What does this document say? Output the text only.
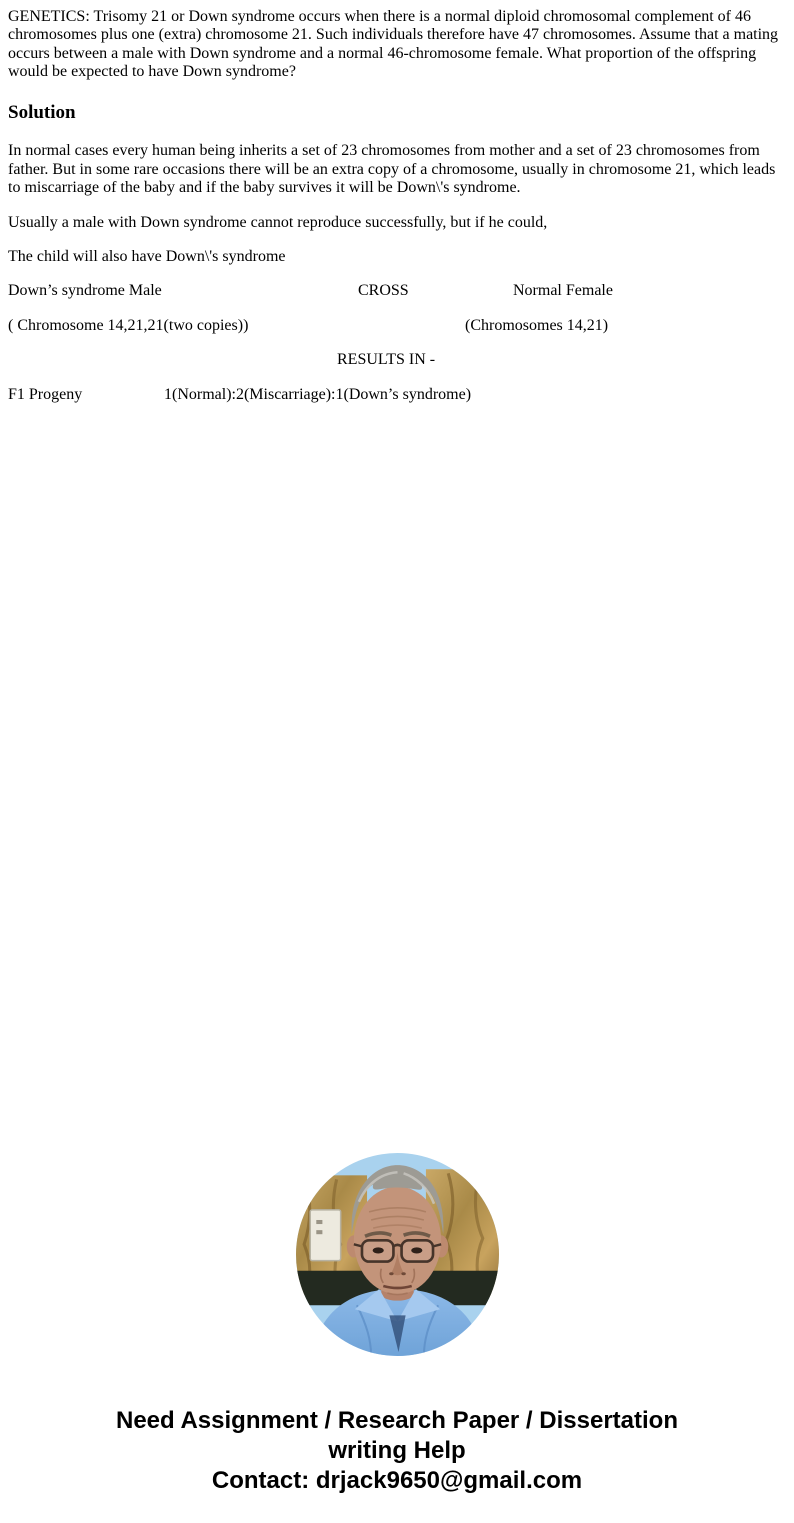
GENETICS: Trisomy 21 or Down syndrome occurs when there is a normal diploid chromosomal complement of 46 chromosomes plus one (extra) chromosome 21. Such individuals therefore have 47 chromosomes. Assume that a mating occurs between a male with Down syndrome and a normal 46-chromosome female. What proportion of the offspring would be expected to have Down syndrome?

Solution

In normal cases every human being inherits a set of 23 chromosomes from mother and a set of 23 chromosomes from father. But in some rare occasions there will be an extra copy of a chromosome, usually in chromosome 21, which leads to miscarriage of the baby and if the baby survives it will be Down\'s syndrome.

Usually a male with Down syndrome cannot reproduce successfully, but if he could,

The child will also have Down\'s syndrome

Down’s syndrome Male	CROSS	Normal Female

( Chromosome 14,21,21(two copies))	(Chromosomes 14,21)

RESULTS IN -

F1 Progeny	1(Normal):2(Miscarriage):1(Down’s syndrome)

Need Assignment / Research Paper / Dissertation
writing Help
Contact: drjack9650@gmail.com
